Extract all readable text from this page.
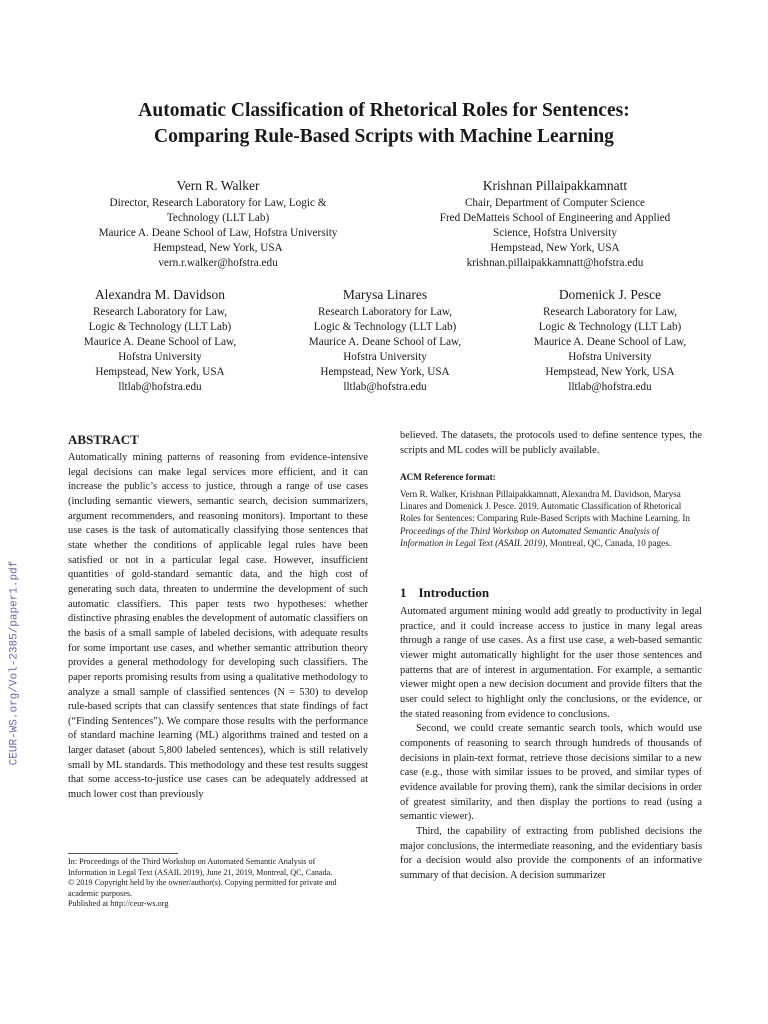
Automatic Classification of Rhetorical Roles for Sentences:
Comparing Rule-Based Scripts with Machine Learning
Vern R. Walker
Director, Research Laboratory for Law, Logic &
Technology (LLT Lab)
Maurice A. Deane School of Law, Hofstra University
Hempstead, New York, USA
vern.r.walker@hofstra.edu
Krishnan Pillaipakkamnatt
Chair, Department of Computer Science
Fred DeMatteis School of Engineering and Applied
Science, Hofstra University
Hempstead, New York, USA
krishnan.pillaipakkamnatt@hofstra.edu
Alexandra M. Davidson
Research Laboratory for Law,
Logic & Technology (LLT Lab)
Maurice A. Deane School of Law,
Hofstra University
Hempstead, New York, USA
lltlab@hofstra.edu
Marysa Linares
Research Laboratory for Law,
Logic & Technology (LLT Lab)
Maurice A. Deane School of Law,
Hofstra University
Hempstead, New York, USA
lltlab@hofstra.edu
Domenick J. Pesce
Research Laboratory for Law,
Logic & Technology (LLT Lab)
Maurice A. Deane School of Law,
Hofstra University
Hempstead, New York, USA
lltlab@hofstra.edu
CEUR-WS.org/Vol-2385/paper1.pdf
ABSTRACT

Automatically mining patterns of reasoning from evidence-intensive legal decisions can make legal services more efficient, and it can increase the public’s access to justice, through a range of use cases (including semantic viewers, semantic search, decision summarizers, argument recommenders, and reasoning monitors). Important to these use cases is the task of automatically classifying those sentences that state whether the conditions of applicable legal rules have been satisfied or not in a particular legal case. However, insufficient quantities of gold-standard semantic data, and the high cost of generating such data, threaten to undermine the development of such automatic classifiers. This paper tests two hypotheses: whether distinctive phrasing enables the development of automatic classifiers on the basis of a small sample of labeled decisions, with adequate results for some important use cases, and whether semantic attribution theory provides a general methodology for developing such classifiers. The paper reports promising results from using a qualitative methodology to analyze a small sample of classified sentences (N = 530) to develop rule-based scripts that can classify sentences that state findings of fact (“Finding Sentences”). We compare those results with the performance of standard machine learning (ML) algorithms trained and tested on a larger dataset (about 5,800 labeled sentences), which is still relatively small by ML standards. This methodology and these test results suggest that some access-to-justice use cases can be adequately addressed at much lower cost than previously

In: Proceedings of the Third Workshop on Automated Semantic Analysis of
Information in Legal Text (ASAIL 2019), June 21, 2019, Montreal, QC, Canada.
© 2019 Copyright held by the owner/author(s). Copying permitted for private and
academic purposes.
Published at http://ceur-ws.org

believed. The datasets, the protocols used to define sentence types, the scripts and ML codes will be publicly available.

ACM Reference format:
Vern R. Walker, Krishnan Pillaipakkamnatt, Alexandra M. Davidson, Marysa Linares and Domenick J. Pesce. 2019. Automatic Classification of Rhetorical Roles for Sentences: Comparing Rule-Based Scripts with Machine Learning. In Proceedings of the Third Workshop on Automated Semantic Analysis of Information in Legal Text (ASAIL 2019), Montreal, QC, Canada, 10 pages.
1 Introduction

Automated argument mining would add greatly to productivity in legal practice, and it could increase access to justice in many legal areas through a range of use cases. As a first use case, a web-based semantic viewer might automatically highlight for the user those sentences and patterns that are of interest in argumentation. For example, a semantic viewer might open a new decision document and provide filters that the user could select to highlight only the conclusions, or the evidence, or the stated reasoning from evidence to conclusions.

Second, we could create semantic search tools, which would use components of reasoning to search through hundreds of thousands of decisions in plain-text format, retrieve those decisions similar to a new case (e.g., those with similar issues to be proved, and similar types of evidence available for proving them), rank the similar decisions in order of greatest similarity, and then display the portions to read (using a semantic viewer).

Third, the capability of extracting from published decisions the major conclusions, the intermediate reasoning, and the evidentiary basis for a decision would also provide the components of an informative summary of that decision. A decision summarizer
